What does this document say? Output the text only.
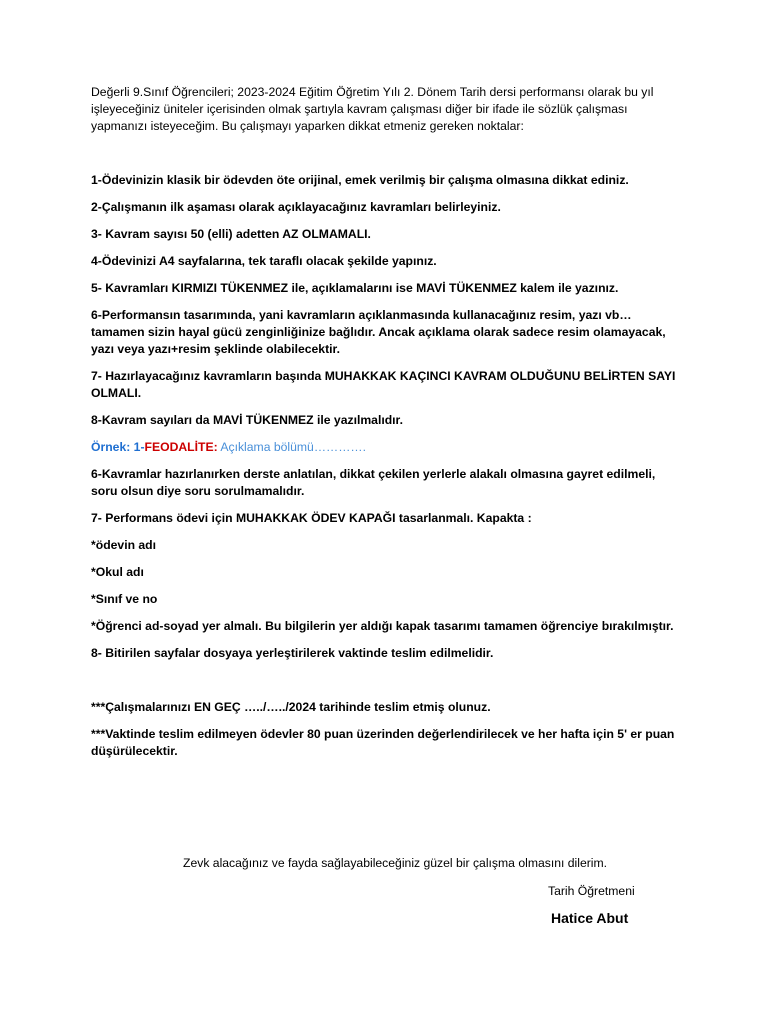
Değerli 9.Sınıf Öğrencileri; 2023-2024 Eğitim Öğretim Yılı 2. Dönem Tarih dersi performansı olarak bu yıl işleyeceğiniz üniteler içerisinden olmak şartıyla kavram çalışması diğer bir ifade ile sözlük çalışması yapmanızı isteyeceğim. Bu çalışmayı yaparken dikkat etmeniz gereken noktalar:

1-Ödevinizin klasik bir ödevden öte orijinal, emek verilmiş bir çalışma olmasına dikkat ediniz.

2-Çalışmanın ilk aşaması olarak açıklayacağınız kavramları belirleyiniz.

3- Kavram sayısı 50 (elli) adetten AZ OLMAMALI.

4-Ödevinizi A4 sayfalarına, tek taraflı olacak şekilde yapınız.

5- Kavramları KIRMIZI TÜKENMEZ ile, açıklamalarını ise MAVİ TÜKENMEZ kalem ile yazınız.

6-Performansın tasarımında, yani kavramların açıklanmasında kullanacağınız resim, yazı vb… tamamen sizin hayal gücü zenginliğinize bağlıdır. Ancak açıklama olarak sadece resim olamayacak, yazı veya yazı+resim şeklinde olabilecektir.

7- Hazırlayacağınız kavramların başında MUHAKKAK KAÇINCI KAVRAM OLDUĞUNU BELİRTEN SAYI OLMALI.

8-Kavram sayıları da MAVİ TÜKENMEZ ile yazılmalıdır.

Örnek: 1-FEODALİTE: Açıklama bölümü………….

6-Kavramlar hazırlanırken derste anlatılan, dikkat çekilen yerlerle alakalı olmasına gayret edilmeli, soru olsun diye soru sorulmamalıdır.

7- Performans ödevi için MUHAKKAK ÖDEV KAPAĞI tasarlanmalı. Kapakta :

*ödevin adı

*Okul adı

*Sınıf ve no

*Öğrenci ad-soyad yer almalı. Bu bilgilerin yer aldığı kapak tasarımı tamamen öğrenciye bırakılmıştır.

8- Bitirilen sayfalar dosyaya yerleştirilerek vaktinde teslim edilmelidir.

***Çalışmalarınızı EN GEÇ …../…../2024 tarihinde teslim etmiş olunuz.

***Vaktinde teslim edilmeyen ödevler 80 puan üzerinden değerlendirilecek ve her hafta için 5' er puan düşürülecektir.

Zevk alacağınız ve fayda sağlayabileceğiniz güzel bir çalışma olmasını dilerim.
Tarih Öğretmeni
Hatice Abut
